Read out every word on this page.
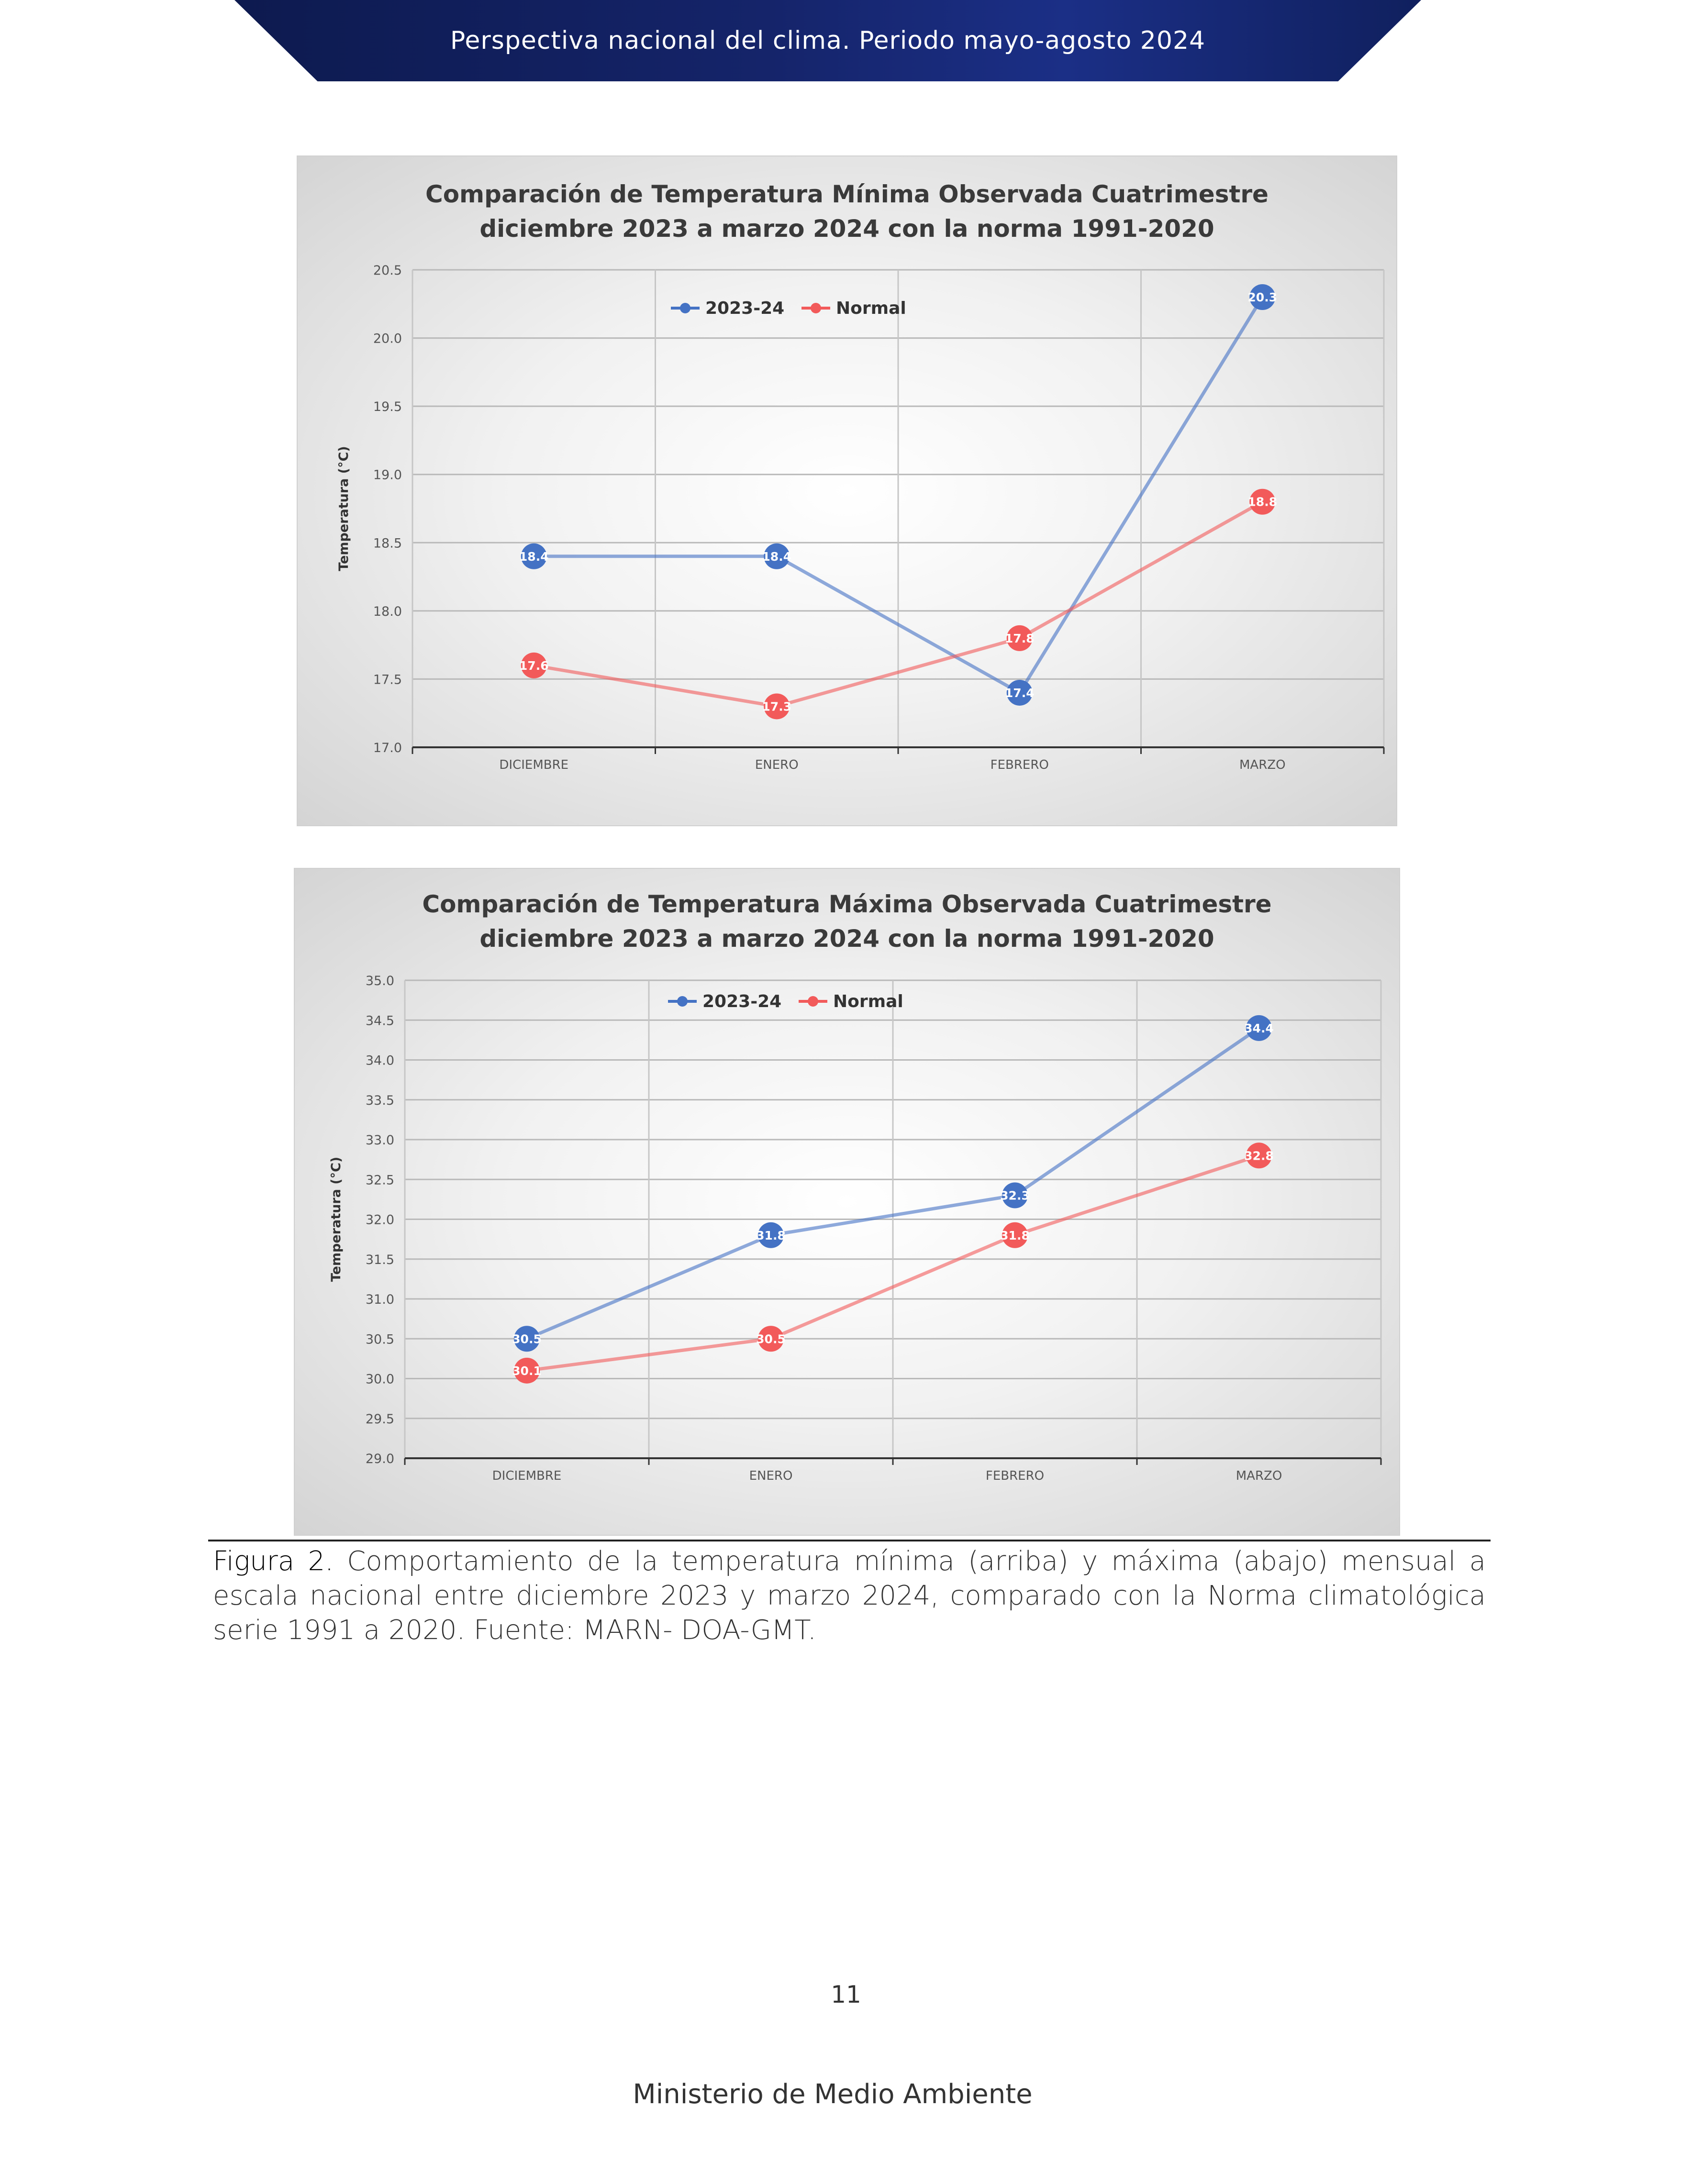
Perspectiva nacional del clima. Periodo mayo-agosto 2024
Comparación de Temperatura Mínima Observada Cuatrimestre
diciembre 2023 a marzo 2024 con la norma 1991-2020
17.0
17.5
18.0
18.5
19.0
19.5
20.0
20.5
DICIEMBRE	ENERO	FEBRERO	MARZO
Temperatura (°C)	18.4	18.4
17.4
20.3
17.6
17.3
17.8
18.8
2023-24	Normal
Comparación de Temperatura Máxima Observada Cuatrimestre
diciembre 2023 a marzo 2024 con la norma 1991-2020
29.0
29.5
30.0
30.5
31.0
31.5
32.0
32.5
33.0
33.5
34.0
34.5
35.0
DICIEMBRE	ENERO	FEBRERO	MARZO
Temperatura (°C)
30.5
31.8
32.3
34.4
30.1
30.5
31.8
32.8
2023-24	Normal
Figura 2. Comportamiento de la temperatura mínima (arriba) y máxima (abajo) mensual a escala nacional entre diciembre 2023 y marzo 2024, comparado con la Norma climatológica serie 1991 a 2020. Fuente: MARN- DOA-GMT.
11
Ministerio de Medio Ambiente
